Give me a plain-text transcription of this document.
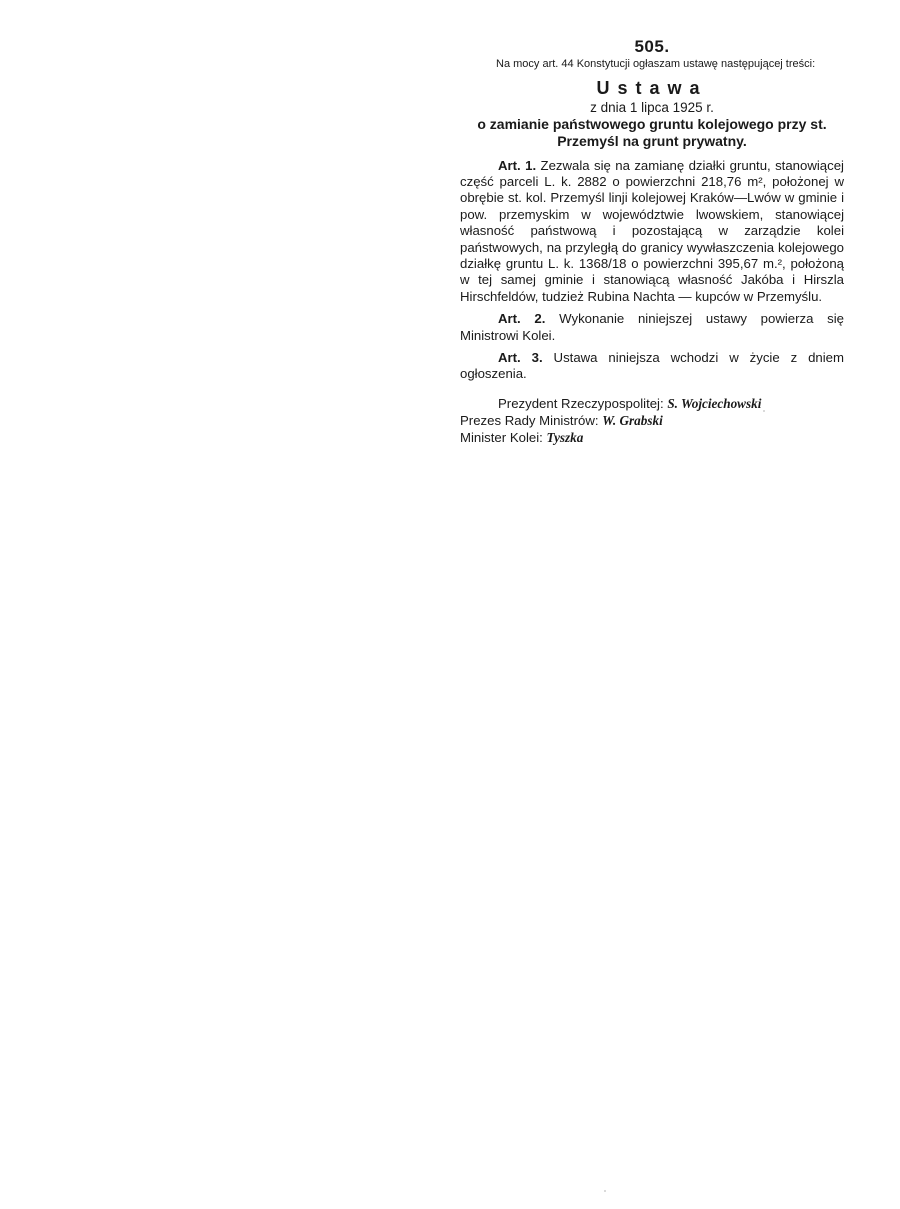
505.

Na mocy art. 44 Konstytucji ogłaszam ustawę następującej treści:

Ustawa

z dnia 1 lipca 1925 r.

o zamianie państwowego gruntu kolejowego przy st. Przemyśl na grunt prywatny.

Art. 1. Zezwala się na zamianę działki gruntu, stanowiącej część parceli L. k. 2882 o powierzchni 218,76 m², położonej w obrębie st. kol. Przemyśl linji kolejowej Kraków—Lwów w gminie i pow. przemyskim w województwie lwowskiem, stanowiącej własność państwową i pozostającą w zarządzie kolei państwowych, na przyległą do granicy wywłaszczenia kolejowego działkę gruntu L. k. 1368/18 o powierzchni 395,67 m.², położoną w tej samej gminie i stanowiącą własność Jakóba i Hirszla Hirschfeldów, tudzież Rubina Nachta — kupców w Przemyślu.

Art. 2. Wykonanie niniejszej ustawy powierza się Ministrowi Kolei.

Art. 3. Ustawa niniejsza wchodzi w życie z dniem ogłoszenia.

Prezydent Rzeczypospolitej: S. Wojciechowski

Prezes Rady Ministrów: W. Grabski

Minister Kolei: Tyszka
